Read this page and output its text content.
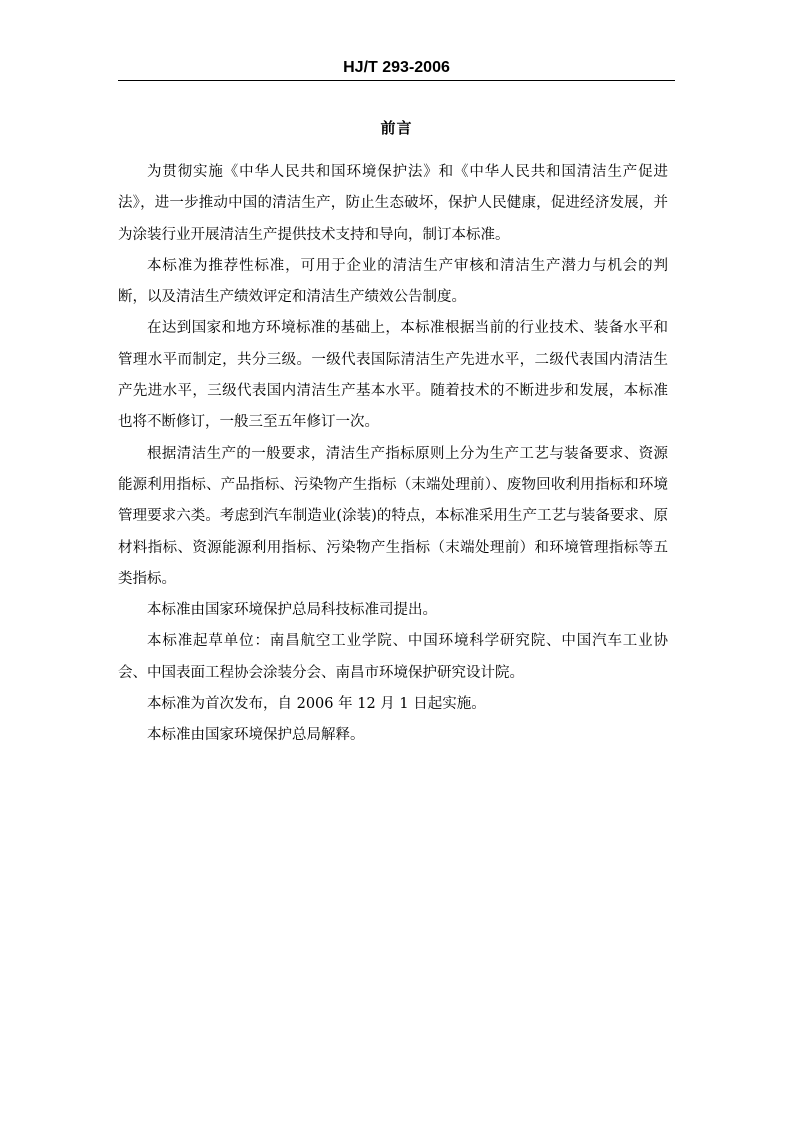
HJ/T 293-2006
前言

为贯彻实施《中华人民共和国环境保护法》和《中华人民共和国清洁生产促进法》，进一步推动中国的清洁生产，防止生态破坏，保护人民健康，促进经济发展，并为涂装行业开展清洁生产提供技术支持和导向，制订本标准。

本标准为推荐性标准，可用于企业的清洁生产审核和清洁生产潜力与机会的判断，以及清洁生产绩效评定和清洁生产绩效公告制度。

在达到国家和地方环境标准的基础上，本标准根据当前的行业技术、装备水平和管理水平而制定，共分三级。一级代表国际清洁生产先进水平，二级代表国内清洁生产先进水平，三级代表国内清洁生产基本水平。随着技术的不断进步和发展，本标准也将不断修订，一般三至五年修订一次。

根据清洁生产的一般要求，清洁生产指标原则上分为生产工艺与装备要求、资源能源利用指标、产品指标、污染物产生指标（末端处理前）、废物回收利用指标和环境管理要求六类。考虑到汽车制造业(涂装)的特点，本标准采用生产工艺与装备要求、原材料指标、资源能源利用指标、污染物产生指标（末端处理前）和环境管理指标等五类指标。

本标准由国家环境保护总局科技标准司提出。

本标准起草单位：南昌航空工业学院、中国环境科学研究院、中国汽车工业协会、中国表面工程协会涂装分会、南昌市环境保护研究设计院。

本标准为首次发布，自 2006 年 12 月 1 日起实施。

本标准由国家环境保护总局解释。
